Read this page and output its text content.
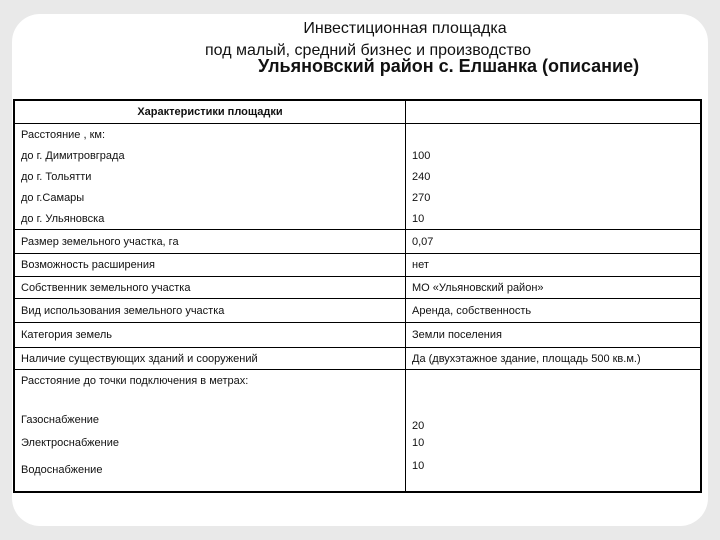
Инвестиционная площадка
под малый, средний бизнес и производство
Ульяновский район с. Елшанка (описание)
Характеристики площадки	
Расстояние , км:	
до г. Димитровграда	100
до г. Тольятти	240
до г.Самары	270
до г. Ульяновска	10
Размер земельного участка, га	0,07
Возможность расширения	нет
Собственник земельного участка	МО «Ульяновский район»
Вид использования земельного участка	Аренда, собственность
Категория земель	Земли поселения
Наличие существующих зданий и сооружений	Да (двухэтажное здание, площадь 500 кв.м.)
Расстояние до точки подключения в метрах:	
Газоснабжение	20
Электроснабжение	10
Водоснабжение	10
